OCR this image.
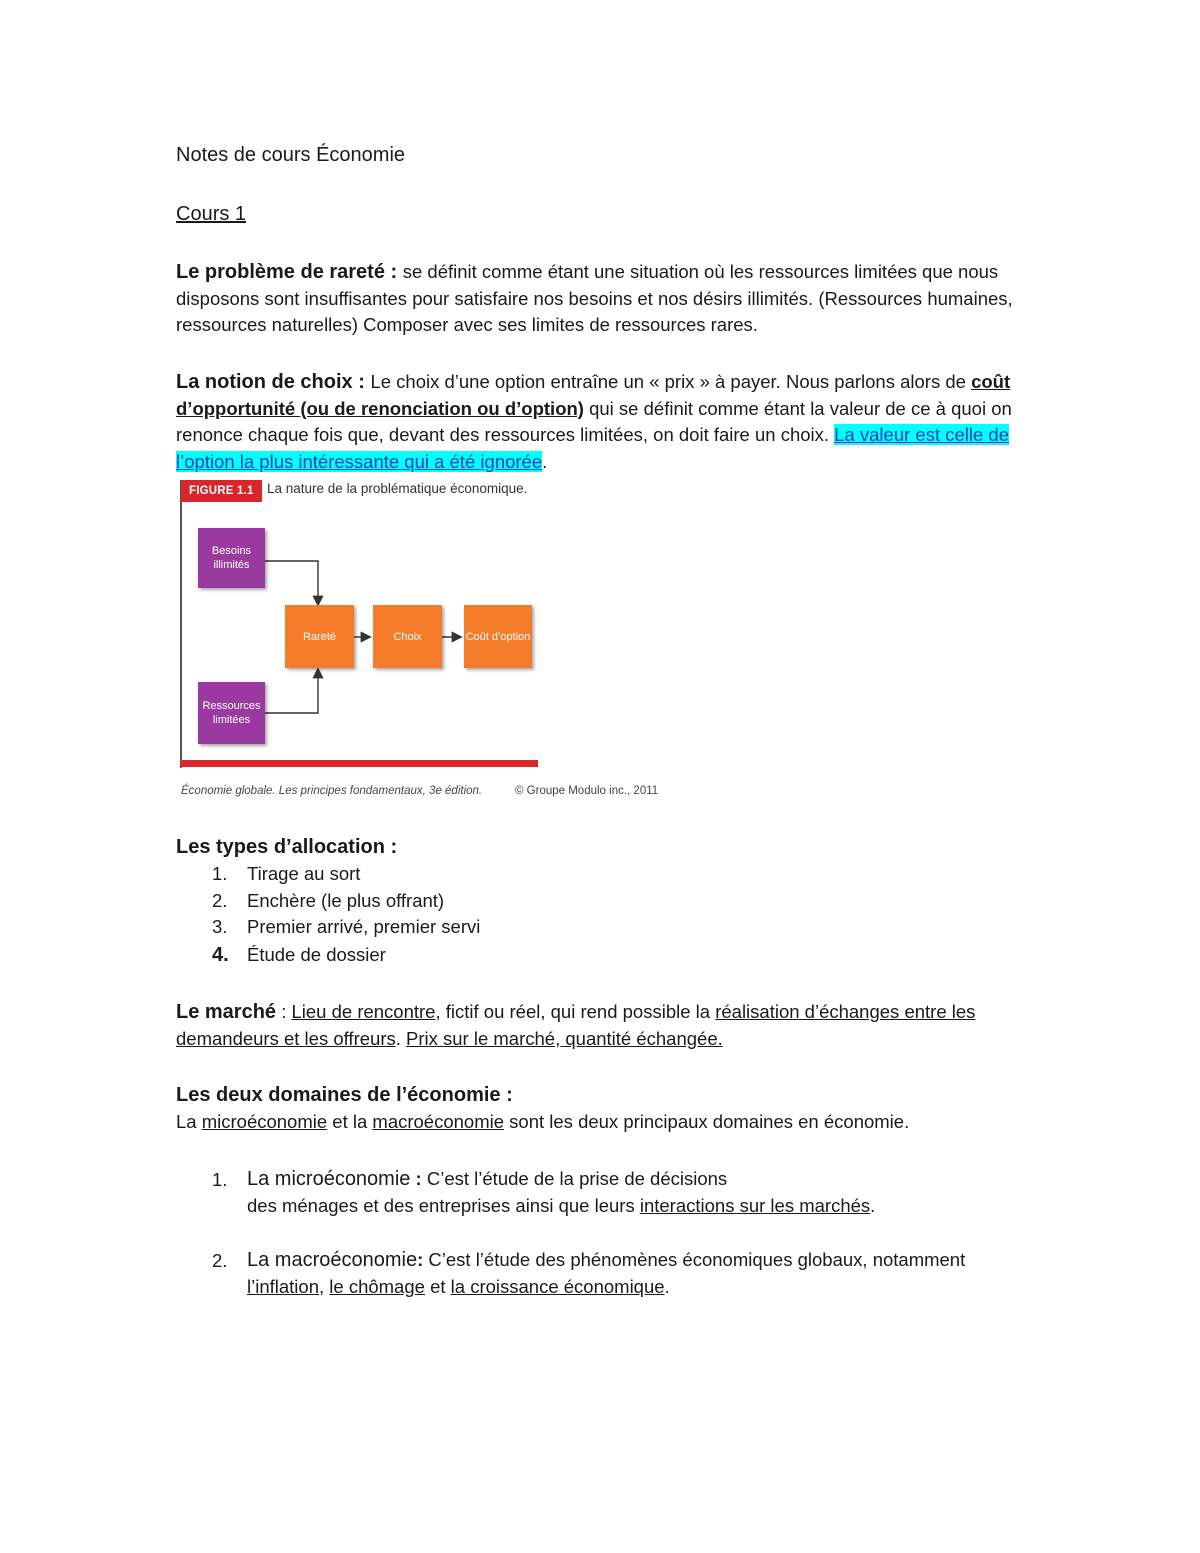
Notes de cours Économie
Cours 1

Le problème de rareté : se définit comme étant une situation où les ressources limitées que nous disposons sont insuffisantes pour satisfaire nos besoins et nos désirs illimités. (Ressources humaines, ressources naturelles) Composer avec ses limites de ressources rares.

La notion de choix : Le choix d’une option entraîne un « prix » à payer. Nous parlons alors de coût d’opportunité (ou de renonciation ou d’option) qui se définit comme étant la valeur de ce à quoi on renonce chaque fois que, devant des ressources limitées, on doit faire un choix. La valeur est celle de l’option la plus intéressante qui a été ignorée.

FIGURE 1.1 La nature de la problématique économique.
Besoins illimités
Ressources limitées
Rareté	Choix	Coût d’option
Économie globale. Les principes fondamentaux, 3e édition.	© Groupe Modulo inc., 2011
Les types d’allocation :
1. Tirage au sort
2. Enchère (le plus offrant)
3. Premier arrivé, premier servi
4. Étude de dossier

Le marché : Lieu de rencontre, fictif ou réel, qui rend possible la réalisation d’échanges entre les demandeurs et les offreurs. Prix sur le marché, quantité échangée.

Les deux domaines de l’économie :

La microéconomie et la macroéconomie sont les deux principaux domaines en économie.

1. La microéconomie : C’est l’étude de la prise de décisions
des ménages et des entreprises ainsi que leurs interactions sur les marchés.
2. La macroéconomie: C’est l’étude des phénomènes économiques globaux, notamment
l’inflation, le chômage et la croissance économique.
